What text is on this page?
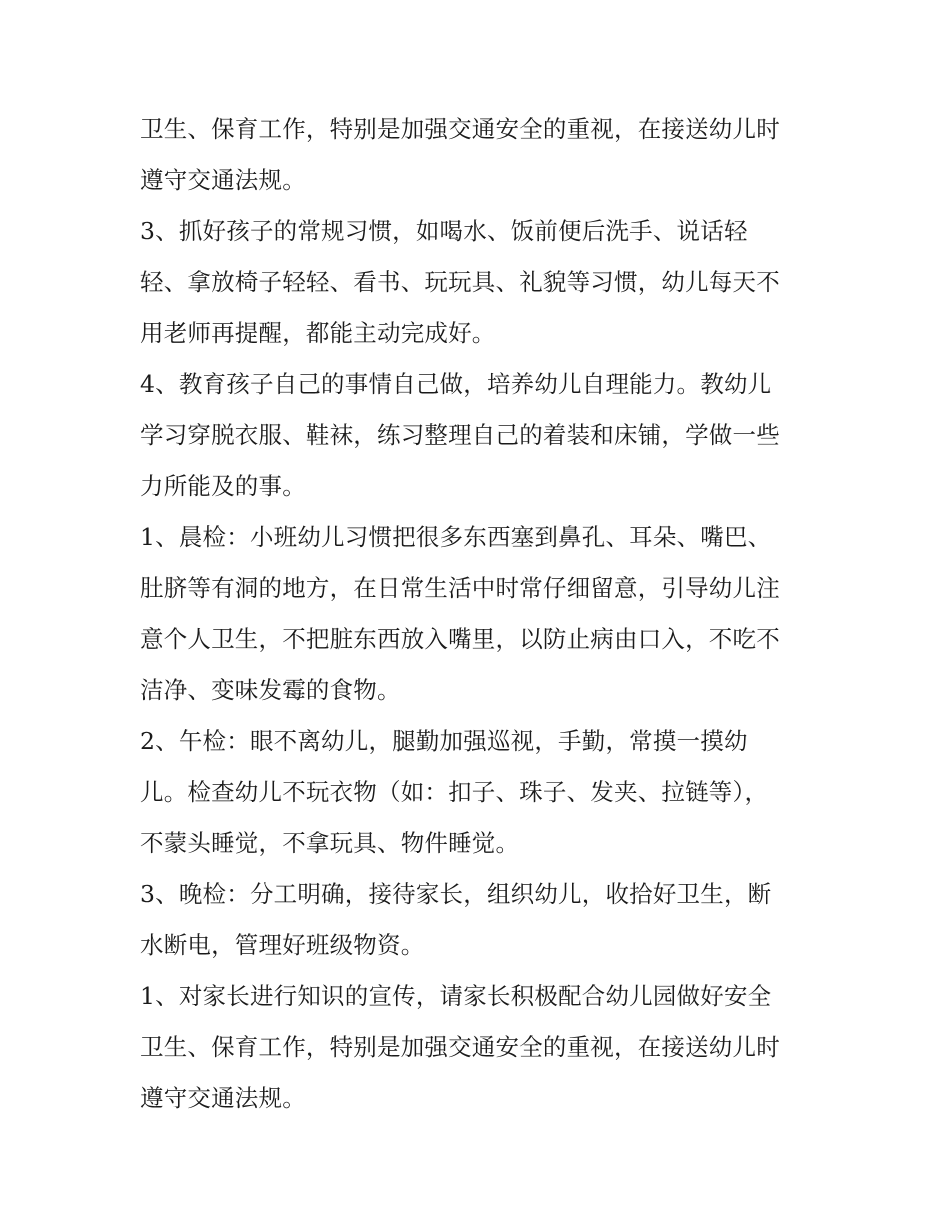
卫生、保育工作，特别是加强交通安全的重视，在接送幼儿时
遵守交通法规。
3、抓好孩子的常规习惯，如喝水、饭前便后洗手、说话轻
轻、拿放椅子轻轻、看书、玩玩具、礼貌等习惯，幼儿每天不
用老师再提醒，都能主动完成好。
4、教育孩子自己的事情自己做，培养幼儿自理能力。教幼儿
学习穿脱衣服、鞋袜，练习整理自己的着装和床铺，学做一些
力所能及的事。
1、晨检：小班幼儿习惯把很多东西塞到鼻孔、耳朵、嘴巴、
肚脐等有洞的地方，在日常生活中时常仔细留意，引导幼儿注
意个人卫生，不把脏东西放入嘴里，以防止病由口入，不吃不
洁净、变味发霉的食物。
2、午检：眼不离幼儿，腿勤加强巡视，手勤，常摸一摸幼
儿。检查幼儿不玩衣物（如：扣子、珠子、发夹、拉链等），
不蒙头睡觉，不拿玩具、物件睡觉。
3、晚检：分工明确，接待家长，组织幼儿，收拾好卫生，断
水断电，管理好班级物资。
1、对家长进行知识的宣传，请家长积极配合幼儿园做好安全
卫生、保育工作，特别是加强交通安全的重视，在接送幼儿时
遵守交通法规。
